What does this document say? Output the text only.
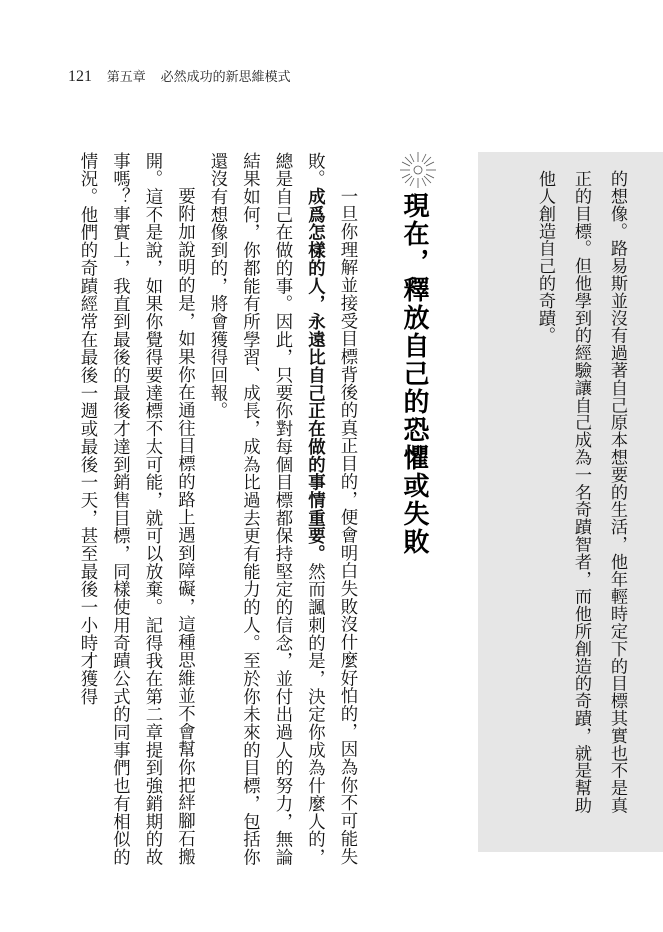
121 第五章 必然成功的新思維模式
的想像。路易斯並沒有過著自己原本想要的生活，他年輕時定下的目標其實也不是真正的目標。但他學到的經驗讓自己成為一名奇蹟智者，而他所創造的奇蹟，就是幫助他人創造自己的奇蹟。
現在，釋放自己的恐懼或失敗

一旦你理解並接受目標背後的真正目的，便會明白失敗沒什麼好怕的，因為你不可能失敗。成爲怎樣的人，永遠比自己正在做的事情重要。然而諷刺的是，決定你成為什麼人的，總是自己在做的事。因此，只要你對每個目標都保持堅定的信念，並付出過人的努力，無論結果如何，你都能有所學習、成長，成為比過去更有能力的人。至於你未來的目標，包括你還沒有想像到的，將會獲得回報。

要附加說明的是，如果你在通往目標的路上遇到障礙，這種思維並不會幫你把絆腳石搬開。這不是說，如果你覺得要達標不太可能，就可以放棄。記得我在第二章提到強銷期的故事嗎？事實上，我直到最後的最後才達到銷售目標，同樣使用奇蹟公式的同事們也有相似的情況。他們的奇蹟經常在最後一週或最後一天，甚至最後一小時才獲得
